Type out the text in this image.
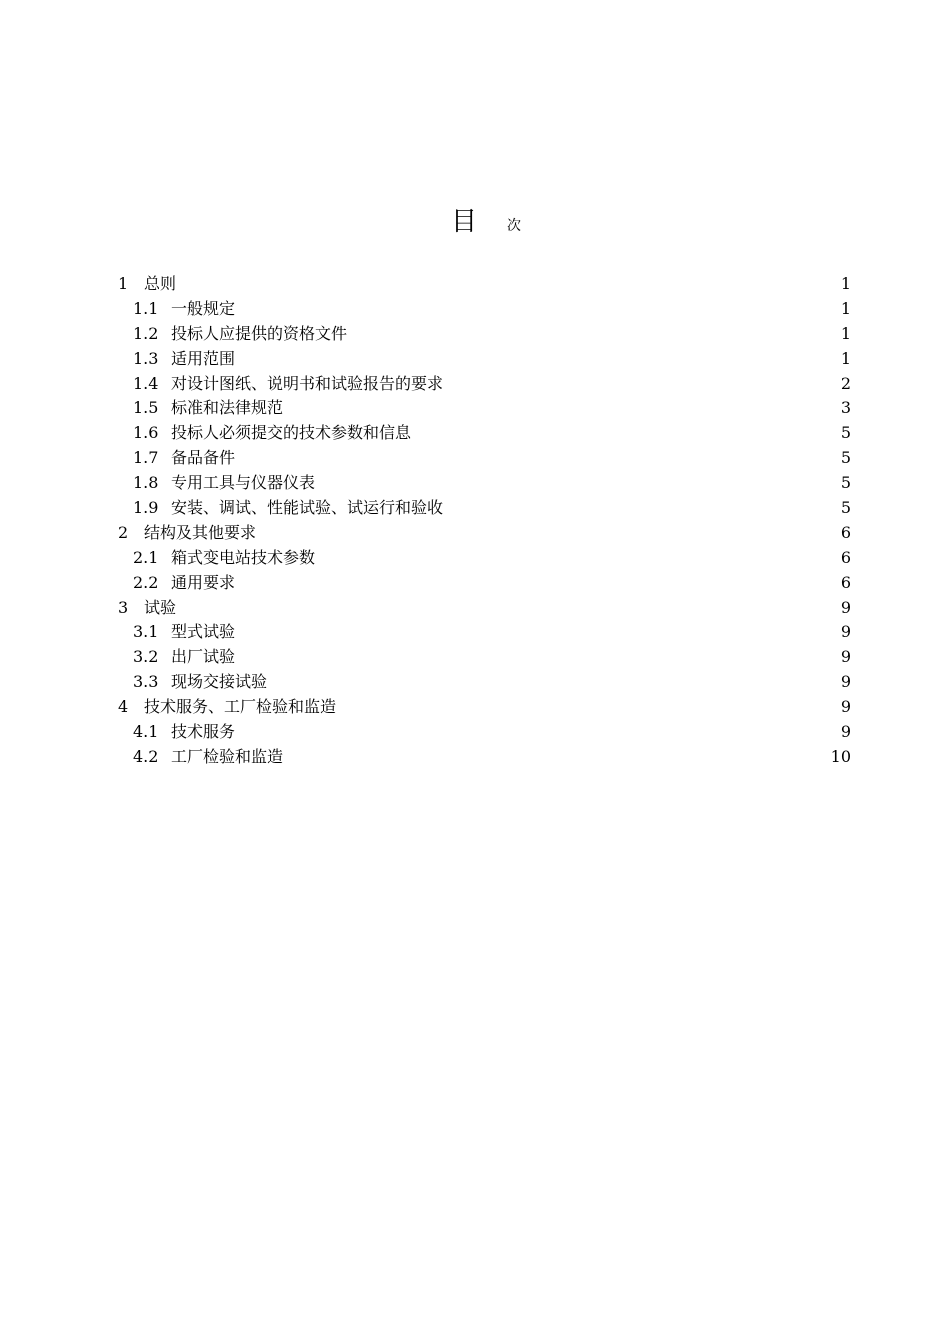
目 次
1 总则	1
1.1 一般规定	1
1.2 投标人应提供的资格文件	1
1.3 适用范围	1
1.4 对设计图纸、说明书和试验报告的要求	2
1.5 标准和法律规范	3
1.6 投标人必须提交的技术参数和信息	5
1.7 备品备件	5
1.8 专用工具与仪器仪表	5
1.9 安装、调试、性能试验、试运行和验收	5
2 结构及其他要求	6
2.1 箱式变电站技术参数	6
2.2 通用要求	6
3 试验	9
3.1 型式试验	9
3.2 出厂试验	9
3.3 现场交接试验	9
4 技术服务、工厂检验和监造	9
4.1 技术服务	9
4.2 工厂检验和监造	10
